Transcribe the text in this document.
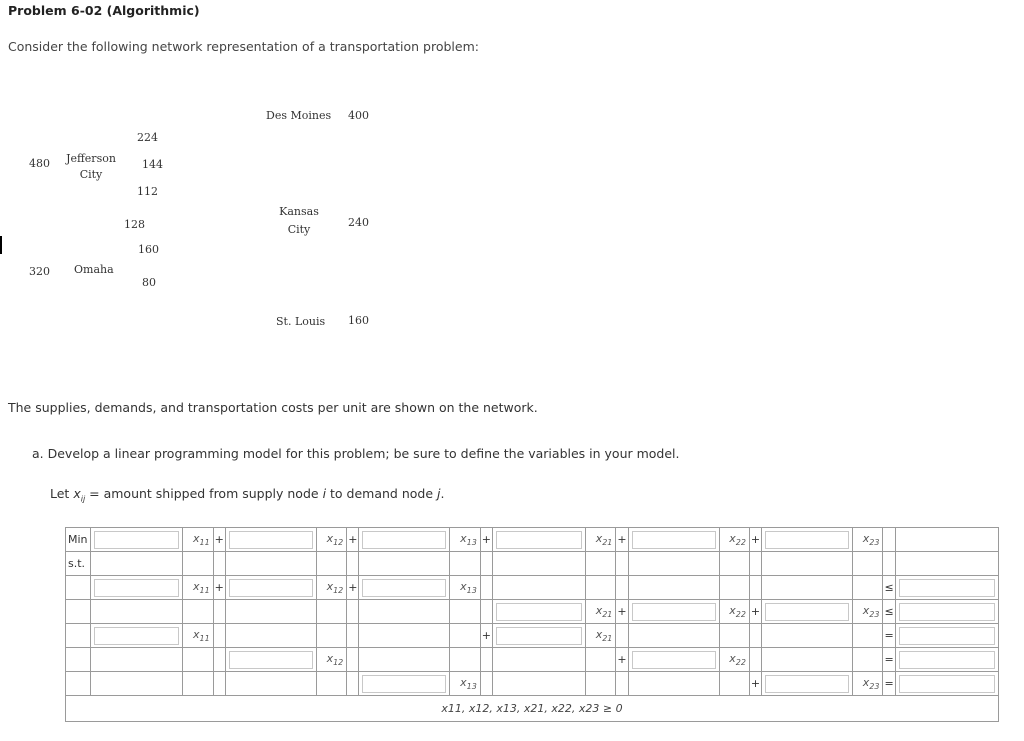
Problem 6-02 (Algorithmic)
Consider the following network representation of a transportation problem:
480	Jefferson
City
320 Omaha
Des Moines 400
Kansas
City
240
St. Louis 160
224
144
112
128
160
80
The supplies, demands, and transportation costs per unit are shown on the network.
a. Develop a linear programming model for this problem; be sure to define the variables in your model.
Let $x_{ij}$ = amount shipped from supply node i to demand node j.
Min		$x_{11}$	+		$x_{12}$	+		$x_{13}$	+		$x_{21}$	+		$x_{22}$	+		$x_{23}$		
s.t.																			
		$x_{11}$	+		$x_{12}$	+		$x_{13}$										≤	
											$x_{21}$	+		$x_{22}$	+		$x_{23}$	≤	
		$x_{11}$							+		$x_{21}$							=	
					$x_{12}$							+		$x_{22}$				=	
								$x_{13}$							+		$x_{23}$	=	
x11, x12, x13, x21, x22, x23 ≥ 0																			
